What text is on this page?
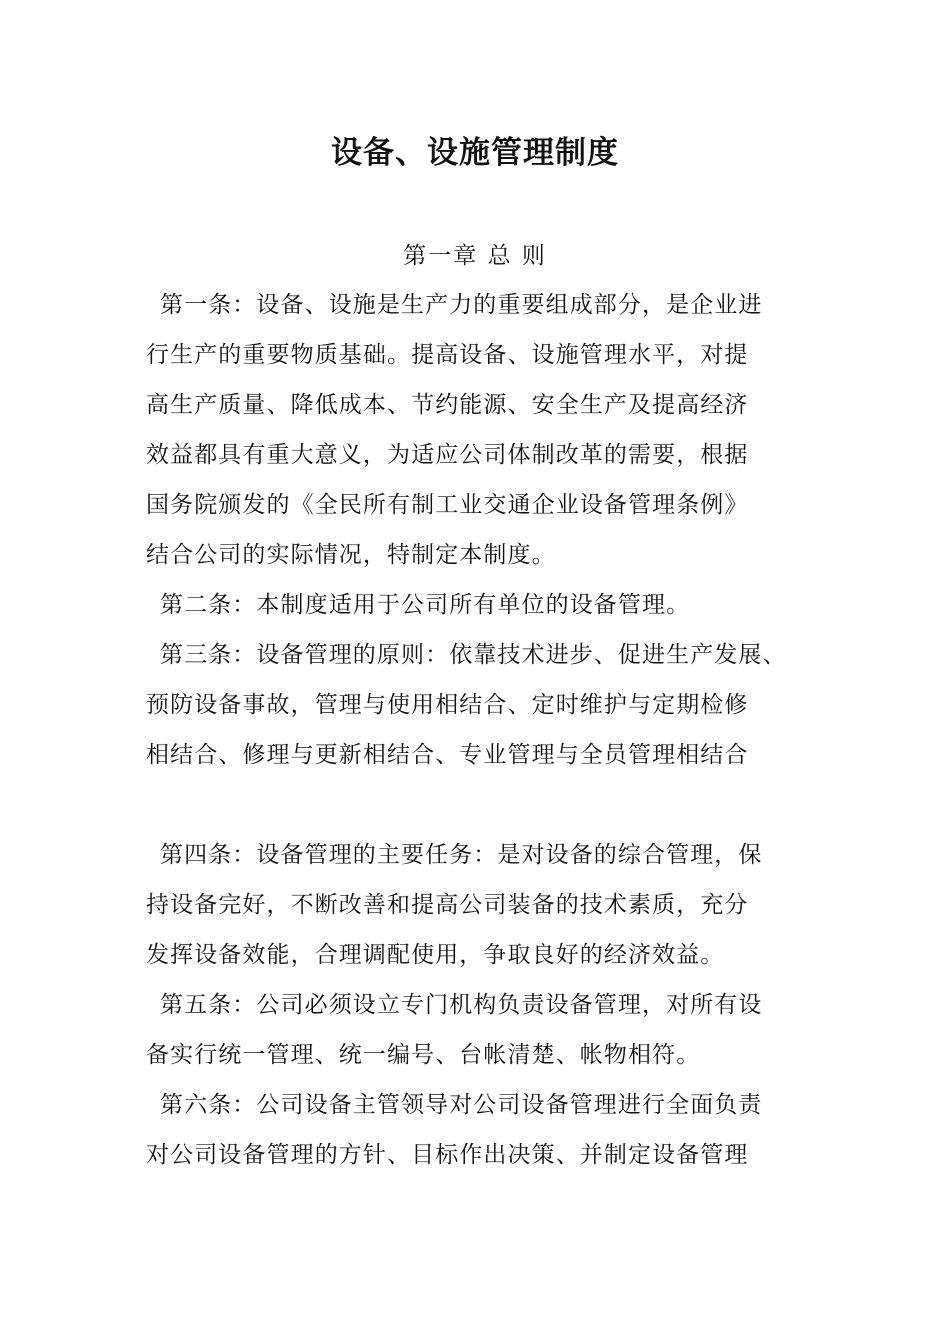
设备、设施管理制度
第一章 总 则
第一条：设备、设施是生产力的重要组成部分，是企业进
行生产的重要物质基础。提高设备、设施管理水平，对提
高生产质量、降低成本、节约能源、安全生产及提高经济
效益都具有重大意义，为适应公司体制改革的需要，根据
国务院颁发的《全民所有制工业交通企业设备管理条例》
结合公司的实际情况，特制定本制度。
第二条：本制度适用于公司所有单位的设备管理。
第三条：设备管理的原则：依靠技术进步、促进生产发展、
预防设备事故，管理与使用相结合、定时维护与定期检修
相结合、修理与更新相结合、专业管理与全员管理相结合
第四条：设备管理的主要任务：是对设备的综合管理，保
持设备完好，不断改善和提高公司装备的技术素质，充分
发挥设备效能，合理调配使用，争取良好的经济效益。
第五条：公司必须设立专门机构负责设备管理，对所有设
备实行统一管理、统一编号、台帐清楚、帐物相符。
第六条：公司设备主管领导对公司设备管理进行全面负责
对公司设备管理的方针、目标作出决策、并制定设备管理
